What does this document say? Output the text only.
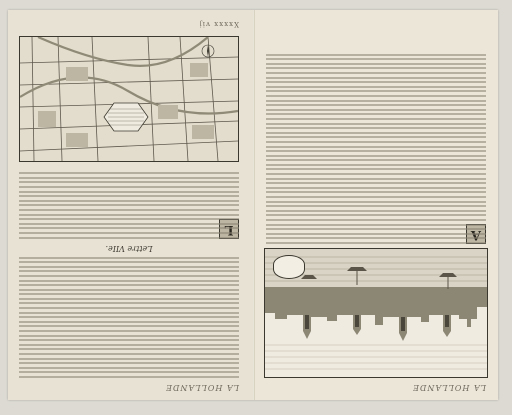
LA HOLLANDE
LA HOLLANDE
Lettre VIIe.
Xxxxx vij
